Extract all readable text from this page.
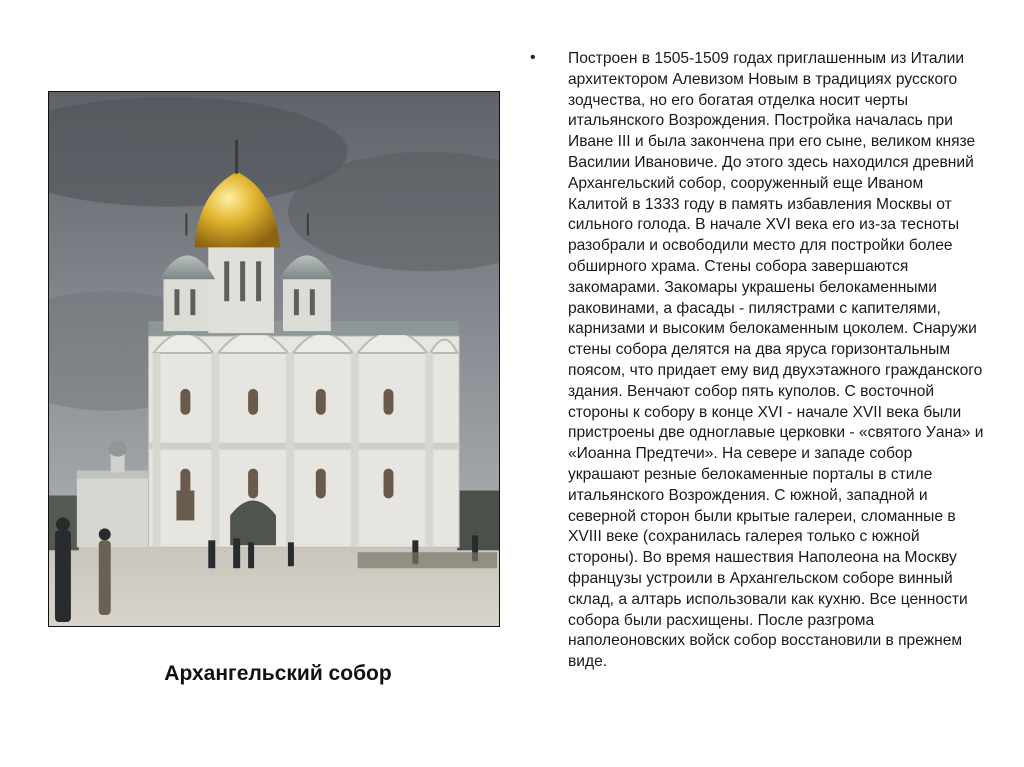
Архангельский собор
• Построен в 1505-1509 годах приглашенным из Италии архитектором Алевизом Новым в традициях русского зодчества, но его богатая отделка носит черты итальянского Возрождения. Постройка началась при Иване III и была закончена при его сыне, великом князе Василии Ивановиче. До этого здесь находился древний Архангельский собор, сооруженный еще Иваном Калитой в 1333 году в память избавления Москвы от сильного голода. В начале XVI века его из-за тесноты разобрали и освободили место для постройки более обширного храма. Стены собора завершаются закомарами. Закомары украшены белокаменными раковинами, а фасады - пилястрами с капителями, карнизами и высоким белокаменным цоколем. Снаружи стены собора делятся на два яруса горизонтальным поясом, что придает ему вид двухэтажного гражданского здания. Венчают собор пять куполов. С восточной стороны к собору в конце XVI - начале XVII века были пристроены две одноглавые церковки - «святого Уана» и «Иоанна Предтечи». На севере и западе собор украшают резные белокаменные порталы в стиле итальянского Возрождения. С южной, западной и северной сторон были крытые галереи, сломанные в XVIII веке (сохранилась галерея только с южной стороны). Во время нашествия Наполеона на Москву французы устроили в Архангельском соборе винный склад, а алтарь использовали как кухню. Все ценности собора были расхищены. После разгрома наполеоновских войск собор восстановили в прежнем виде.
